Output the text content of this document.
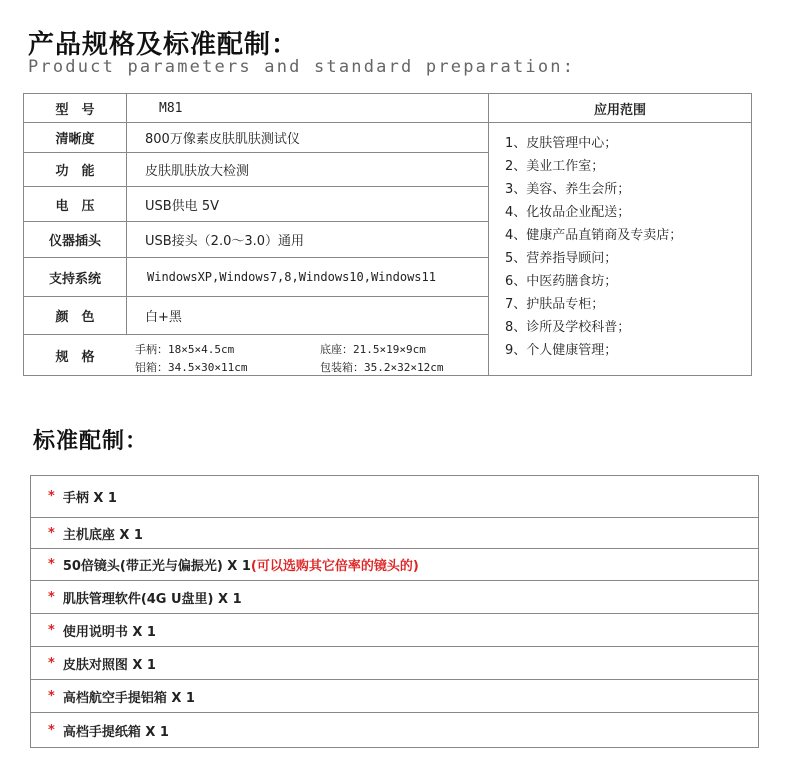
产品规格及标准配制：
Product parameters and standard preparation:
型　号
清晰度
功　能
电　压
仪器插头
支持系统
颜　色
规　格
M81
800万像素皮肤肌肤测试仪
皮肤肌肤放大检测
USB供电 5V
USB接头（2.0～3.0）通用
WindowsXP,Windows7,8,Windows10,Windows11
白+黑
手柄：18×5×4.5cm	底座：21.5×19×9cm
铝箱：34.5×30×11cm	包装箱：35.2×32×12cm
应用范围
1、皮肤管理中心；
2、美业工作室；
3、美容、养生会所；
4、化妆品企业配送；
4、健康产品直销商及专卖店；
5、营养指导顾问；
6、中医药膳食坊；
7、护肤品专柜；
8、诊所及学校科普；
9、个人健康管理；
标准配制：
* 手柄 X 1
* 主机底座 X 1
* 50倍镜头(带正光与偏振光) X 1 (可以选购其它倍率的镜头的)
* 肌肤管理软件(4G U盘里) X 1
* 使用说明书 X 1
* 皮肤对照图 X 1
* 高档航空手提铝箱 X 1
* 高档手提纸箱 X 1
